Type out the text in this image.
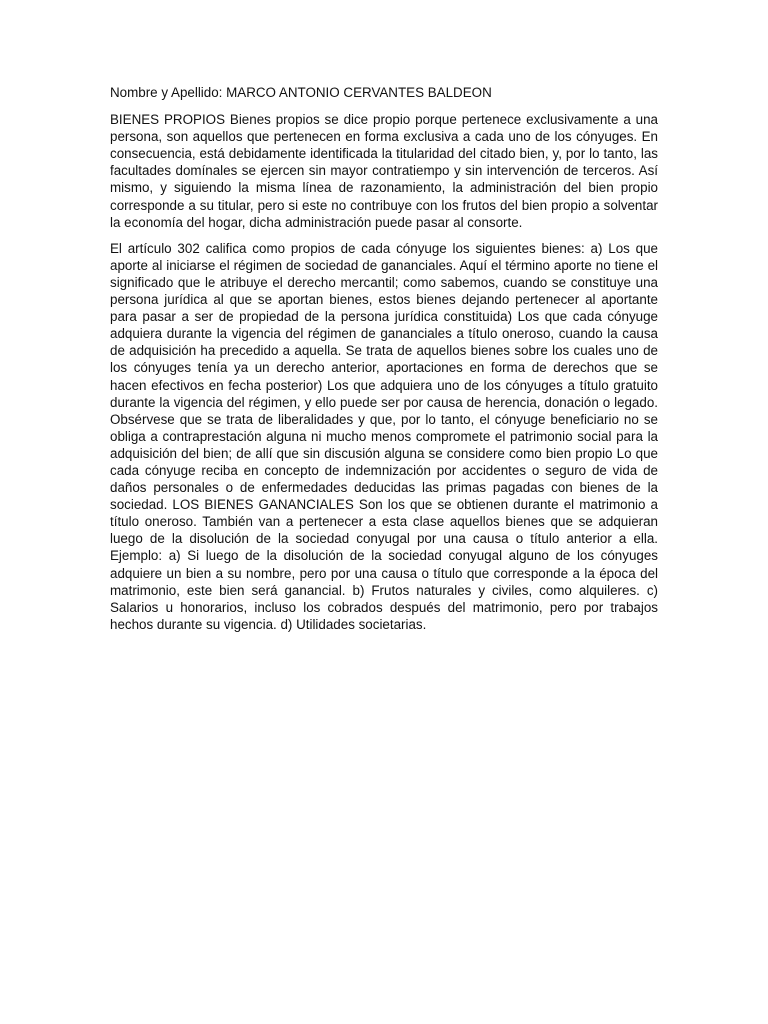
Nombre y Apellido: MARCO ANTONIO CERVANTES BALDEON

BIENES PROPIOS Bienes propios se dice propio porque pertenece exclusivamente a una persona, son aquellos que pertenecen en forma exclusiva a cada uno de los cónyuges. En consecuencia, está debidamente identificada la titularidad del citado bien, y, por lo tanto, las facultades domínales se ejercen sin mayor contratiempo y sin intervención de terceros. Así mismo, y siguiendo la misma línea de razonamiento, la administración del bien propio corresponde a su titular, pero si este no contribuye con los frutos del bien propio a solventar la economía del hogar, dicha administración puede pasar al consorte.

El artículo 302 califica como propios de cada cónyuge los siguientes bienes: a) Los que aporte al iniciarse el régimen de sociedad de gananciales. Aquí el término aporte no tiene el significado que le atribuye el derecho mercantil; como sabemos, cuando se constituye una persona jurídica al que se aportan bienes, estos bienes dejando pertenecer al aportante para pasar a ser de propiedad de la persona jurídica constituida) Los que cada cónyuge adquiera durante la vigencia del régimen de gananciales a título oneroso, cuando la causa de adquisición ha precedido a aquella. Se trata de aquellos bienes sobre los cuales uno de los cónyuges tenía ya un derecho anterior, aportaciones en forma de derechos que se hacen efectivos en fecha posterior) Los que adquiera uno de los cónyuges a título gratuito durante la vigencia del régimen, y ello puede ser por causa de herencia, donación o legado. Obsérvese que se trata de liberalidades y que, por lo tanto, el cónyuge beneficiario no se obliga a contraprestación alguna ni mucho menos compromete el patrimonio social para la adquisición del bien; de allí que sin discusión alguna se considere como bien propio Lo que cada cónyuge reciba en concepto de indemnización por accidentes o seguro de vida de daños personales o de enfermedades deducidas las primas pagadas con bienes de la sociedad. LOS BIENES GANANCIALES Son los que se obtienen durante el matrimonio a título oneroso. También van a pertenecer a esta clase aquellos bienes que se adquieran luego de la disolución de la sociedad conyugal por una causa o título anterior a ella. Ejemplo: a) Si luego de la disolución de la sociedad conyugal alguno de los cónyuges adquiere un bien a su nombre, pero por una causa o título que corresponde a la época del matrimonio, este bien será ganancial. b) Frutos naturales y civiles, como alquileres. c) Salarios u honorarios, incluso los cobrados después del matrimonio, pero por trabajos hechos durante su vigencia. d) Utilidades societarias.
